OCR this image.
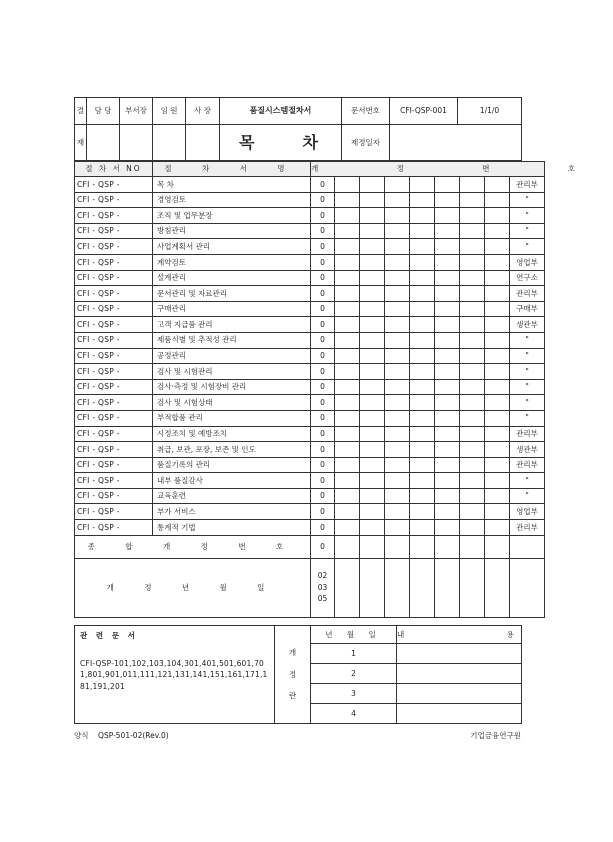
결	담 당	부서장	임 원	사 장	품질시스템절차서	문서번호	CFI-QSP-001	1/1/0
재					목 차	제정일자		
절 차 서 NO	절 차 서 명	개 정 번 호								
CFI - QSP -	목 차	0								관리부
CFI - QSP -	경영검토	0								"
CFI - QSP -	조직 및 업무분장	0								"
CFI - QSP -	방침관리	0								"
CFI - QSP -	사업계획서 관리	0								"
CFI - QSP -	계약검토	0								영업부
CFI - QSP -	설계관리	0								연구소
CFI - QSP -	문서관리 및 자료관리	0								관리부
CFI - QSP -	구매관리	0								구매부
CFI - QSP -	고객 지급품 관리	0								생관부
CFI - QSP -	제품식별 및 추적성 관리	0								"
CFI - QSP -	공정관리	0								"
CFI - QSP -	검사 및 시험관리	0								"
CFI - QSP -	검사·측정 및 시험장비 관리	0								"
CFI - QSP -	검사 및 시험상태	0								"
CFI - QSP -	부적합품 관리	0								"
CFI - QSP -	시정조치 및 예방조치	0								관리부
CFI - QSP -	취급, 보관, 포장, 보존 및 인도	0								생관부
CFI - QSP -	품질기록의 관리	0								관리부
CFI - QSP -	내부 품질감사	0								"
CFI - QSP -	교육훈련	0								"
CFI - QSP -	부가 서비스	0								영업부
CFI - QSP -	통계적 기법	0								관리부
종 합 개 정 번 호		0								
개 정 년 월 일		02
03
05								

관 련 문 서
CFI-QSP-101,102,103,104,301,401,501,601,701,801,901,011,111,121,131,141,151,161,171,181,191,201	개
정
란	년 월 일	내 용
		1	
		2	
		3	
		4	
양식 QSP-501-02(Rev.0)	기업금융연구원
